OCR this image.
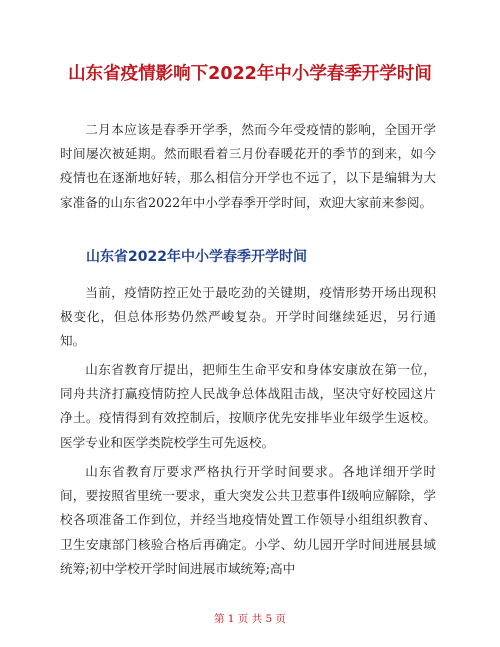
山东省疫情影响下2022年中小学春季开学时间

二月本应该是春季开学季，然而今年受疫情的影响，全国开学时间屡次被延期。然而眼看着三月份春暖花开的季节的到来，如今疫情也在逐渐地好转，那么相信分开学也不远了，以下是编辑为大家准备的山东省2022年中小学春季开学时间，欢迎大家前来参阅。

山东省2022年中小学春季开学时间

当前，疫情防控正处于最吃劲的关键期，疫情形势开场出现积极变化，但总体形势仍然严峻复杂。开学时间继续延迟，另行通知。

山东省教育厅提出，把师生生命平安和身体安康放在第一位，同舟共济打赢疫情防控人民战争总体战阻击战，坚决守好校园这片净土。疫情得到有效控制后，按顺序优先安排毕业年级学生返校。医学专业和医学类院校学生可先返校。

山东省教育厅要求严格执行开学时间要求。各地详细开学时间，要按照省里统一要求，重大突发公共卫惹事件Ⅰ级响应解除，学校各项准备工作到位，并经当地疫情处置工作领导小组组织教育、卫生安康部门核验合格后再确定。小学、幼儿园开学时间进展县域统筹;初中学校开学时间进展市域统筹;高中

第 1 页 共 5 页
